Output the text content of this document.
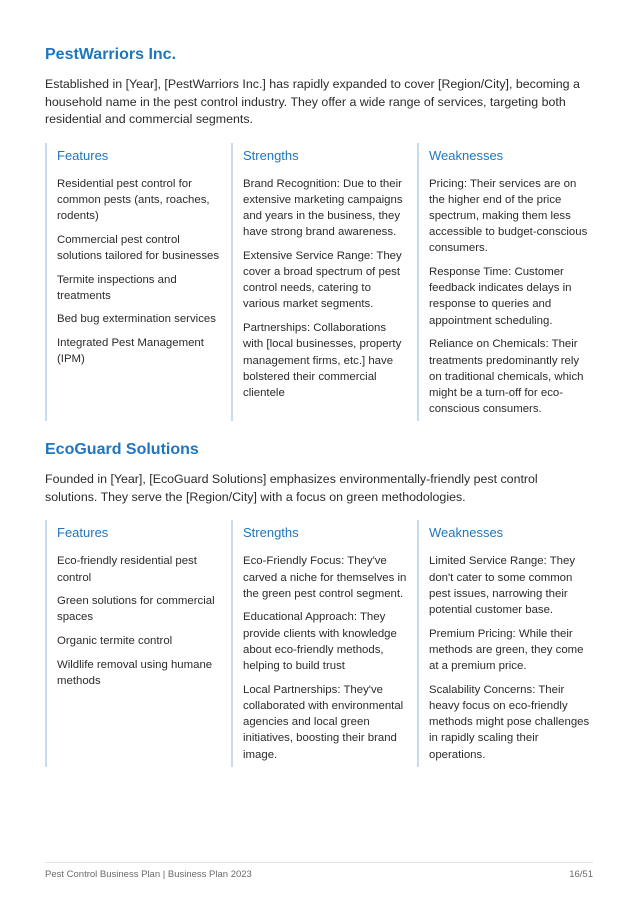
PestWarriors Inc.

Established in [Year], [PestWarriors Inc.] has rapidly expanded to cover [Region/City], becoming a household name in the pest control industry. They offer a wide range of services, targeting both residential and commercial segments.

Features
Residential pest control for common pests (ants, roaches, rodents)
Commercial pest control solutions tailored for businesses
Termite inspections and treatments
Bed bug extermination services
Integrated Pest Management (IPM)
Strengths
Brand Recognition: Due to their extensive marketing campaigns and years in the business, they have strong brand awareness.
Extensive Service Range: They cover a broad spectrum of pest control needs, catering to various market segments.
Partnerships: Collaborations with [local businesses, property management firms, etc.] have bolstered their commercial clientele
Weaknesses
Pricing: Their services are on the higher end of the price spectrum, making them less accessible to budget-conscious consumers.
Response Time: Customer feedback indicates delays in response to queries and appointment scheduling.
Reliance on Chemicals: Their treatments predominantly rely on traditional chemicals, which might be a turn-off for eco-conscious consumers.
EcoGuard Solutions

Founded in [Year], [EcoGuard Solutions] emphasizes environmentally-friendly pest control solutions. They serve the [Region/City] with a focus on green methodologies.

Features
Eco-friendly residential pest control
Green solutions for commercial spaces
Organic termite control
Wildlife removal using humane methods
Strengths
Eco-Friendly Focus: They've carved a niche for themselves in the green pest control segment.
Educational Approach: They provide clients with knowledge about eco-friendly methods, helping to build trust
Local Partnerships: They've collaborated with environmental agencies and local green initiatives, boosting their brand image.
Weaknesses
Limited Service Range: They don't cater to some common pest issues, narrowing their potential customer base.
Premium Pricing: While their methods are green, they come at a premium price.
Scalability Concerns: Their heavy focus on eco-friendly methods might pose challenges in rapidly scaling their operations.
Pest Control Business Plan | Business Plan 2023	16/51
